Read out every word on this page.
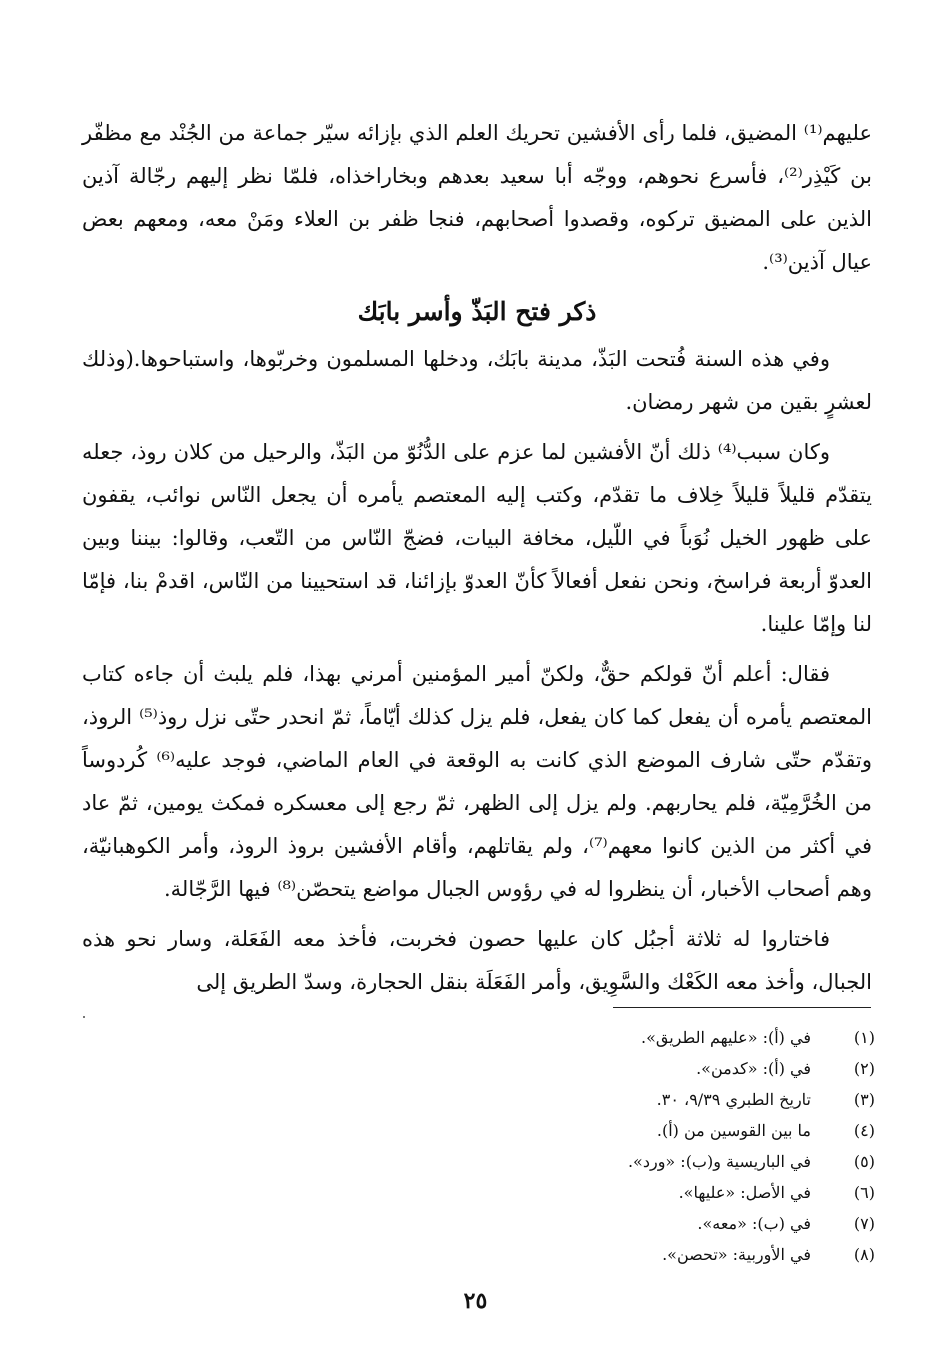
عليهم⁽¹⁾ المضيق، فلما رأى الأفشين تحريك العلم الذي بإزائه سيّر جماعة من الجُنْد مع مظفّر بن كَيْذِر⁽²⁾، فأسرع نحوهم، ووجّه أبا سعيد بعدهم وبخاراخذاه، فلمّا نظر إليهم رجّالة آذين الذين على المضيق تركوه، وقصدوا أصحابهم، فنجا ظفر بن العلاء ومَنْ معه، ومعهم بعض عيال آذين⁽³⁾.

ذكر فتح البَذّ وأسر بابَك

وفي هذه السنة فُتحت البَذّ، مدينة بابَك، ودخلها المسلمون وخربّوها، واستباحوها.(وذلك لعشرٍ بقين من شهر رمضان.

وكان سبب⁽⁴⁾ ذلك أنّ الأفشين لما عزم على الدُّنُوّ من البَذّ، والرحيل من كلان روذ، جعله يتقدّم قليلاً قليلاً خِلاف ما تقدّم، وكتب إليه المعتصم يأمره أن يجعل النّاس نوائب، يقفون على ظهور الخيل نُوَباً في اللّيل، مخافة البيات، فضجّ النّاس من التّعب، وقالوا: بيننا وبين العدوّ أربعة فراسخ، ونحن نفعل أفعالاً كأنّ العدوّ بإزائنا، قد استحيينا من النّاس، اقدمْ بنا، فإمّا لنا وإمّا علينا.

فقال: أعلم أنّ قولكم حقٌّ، ولكنّ أمير المؤمنين أمرني بهذا، فلم يلبث أن جاءه كتاب المعتصم يأمره أن يفعل كما كان يفعل، فلم يزل كذلك أيّاماً، ثمّ انحدر حتّى نزل روذ⁽⁵⁾ الروذ، وتقدّم حتّى شارف الموضع الذي كانت به الوقعة في العام الماضي، فوجد عليه⁽⁶⁾ كُردوساً من الخُرَّمِيّة، فلم يحاربهم. ولم يزل إلى الظهر، ثمّ رجع إلى معسكره فمكث يومين، ثمّ عاد في أكثر من الذين كانوا معهم⁽⁷⁾، ولم يقاتلهم، وأقام الأفشين بروذ الروذ، وأمر الكوهبانيّة، وهم أصحاب الأخبار، أن ينظروا له في رؤوس الجبال مواضع يتحصّن⁽⁸⁾ فيها الرَّجّالة.

فاختاروا له ثلاثة أجبُل كان عليها حصون فخربت، فأخذ معه الفَعَلة، وسار نحو هذه الجبال، وأخذ معه الكَعْك والسَّوِيق، وأمر الفَعَلَة بنقل الحجارة، وسدّ الطريق إلى

(١)
في (أ): «عليهم الطريق».
(٢)
في (أ): «كدمن».
(٣)
تاريخ الطبري ٩/٣٩، ٣٠.
(٤)
ما بين القوسين من (أ).
(٥)
في الباريسية و(ب): «ورد».
(٦)
في الأصل: «عليها».
(٧)
في (ب): «معه».
(٨)
في الأوربية: «تحصن».
٢٥
